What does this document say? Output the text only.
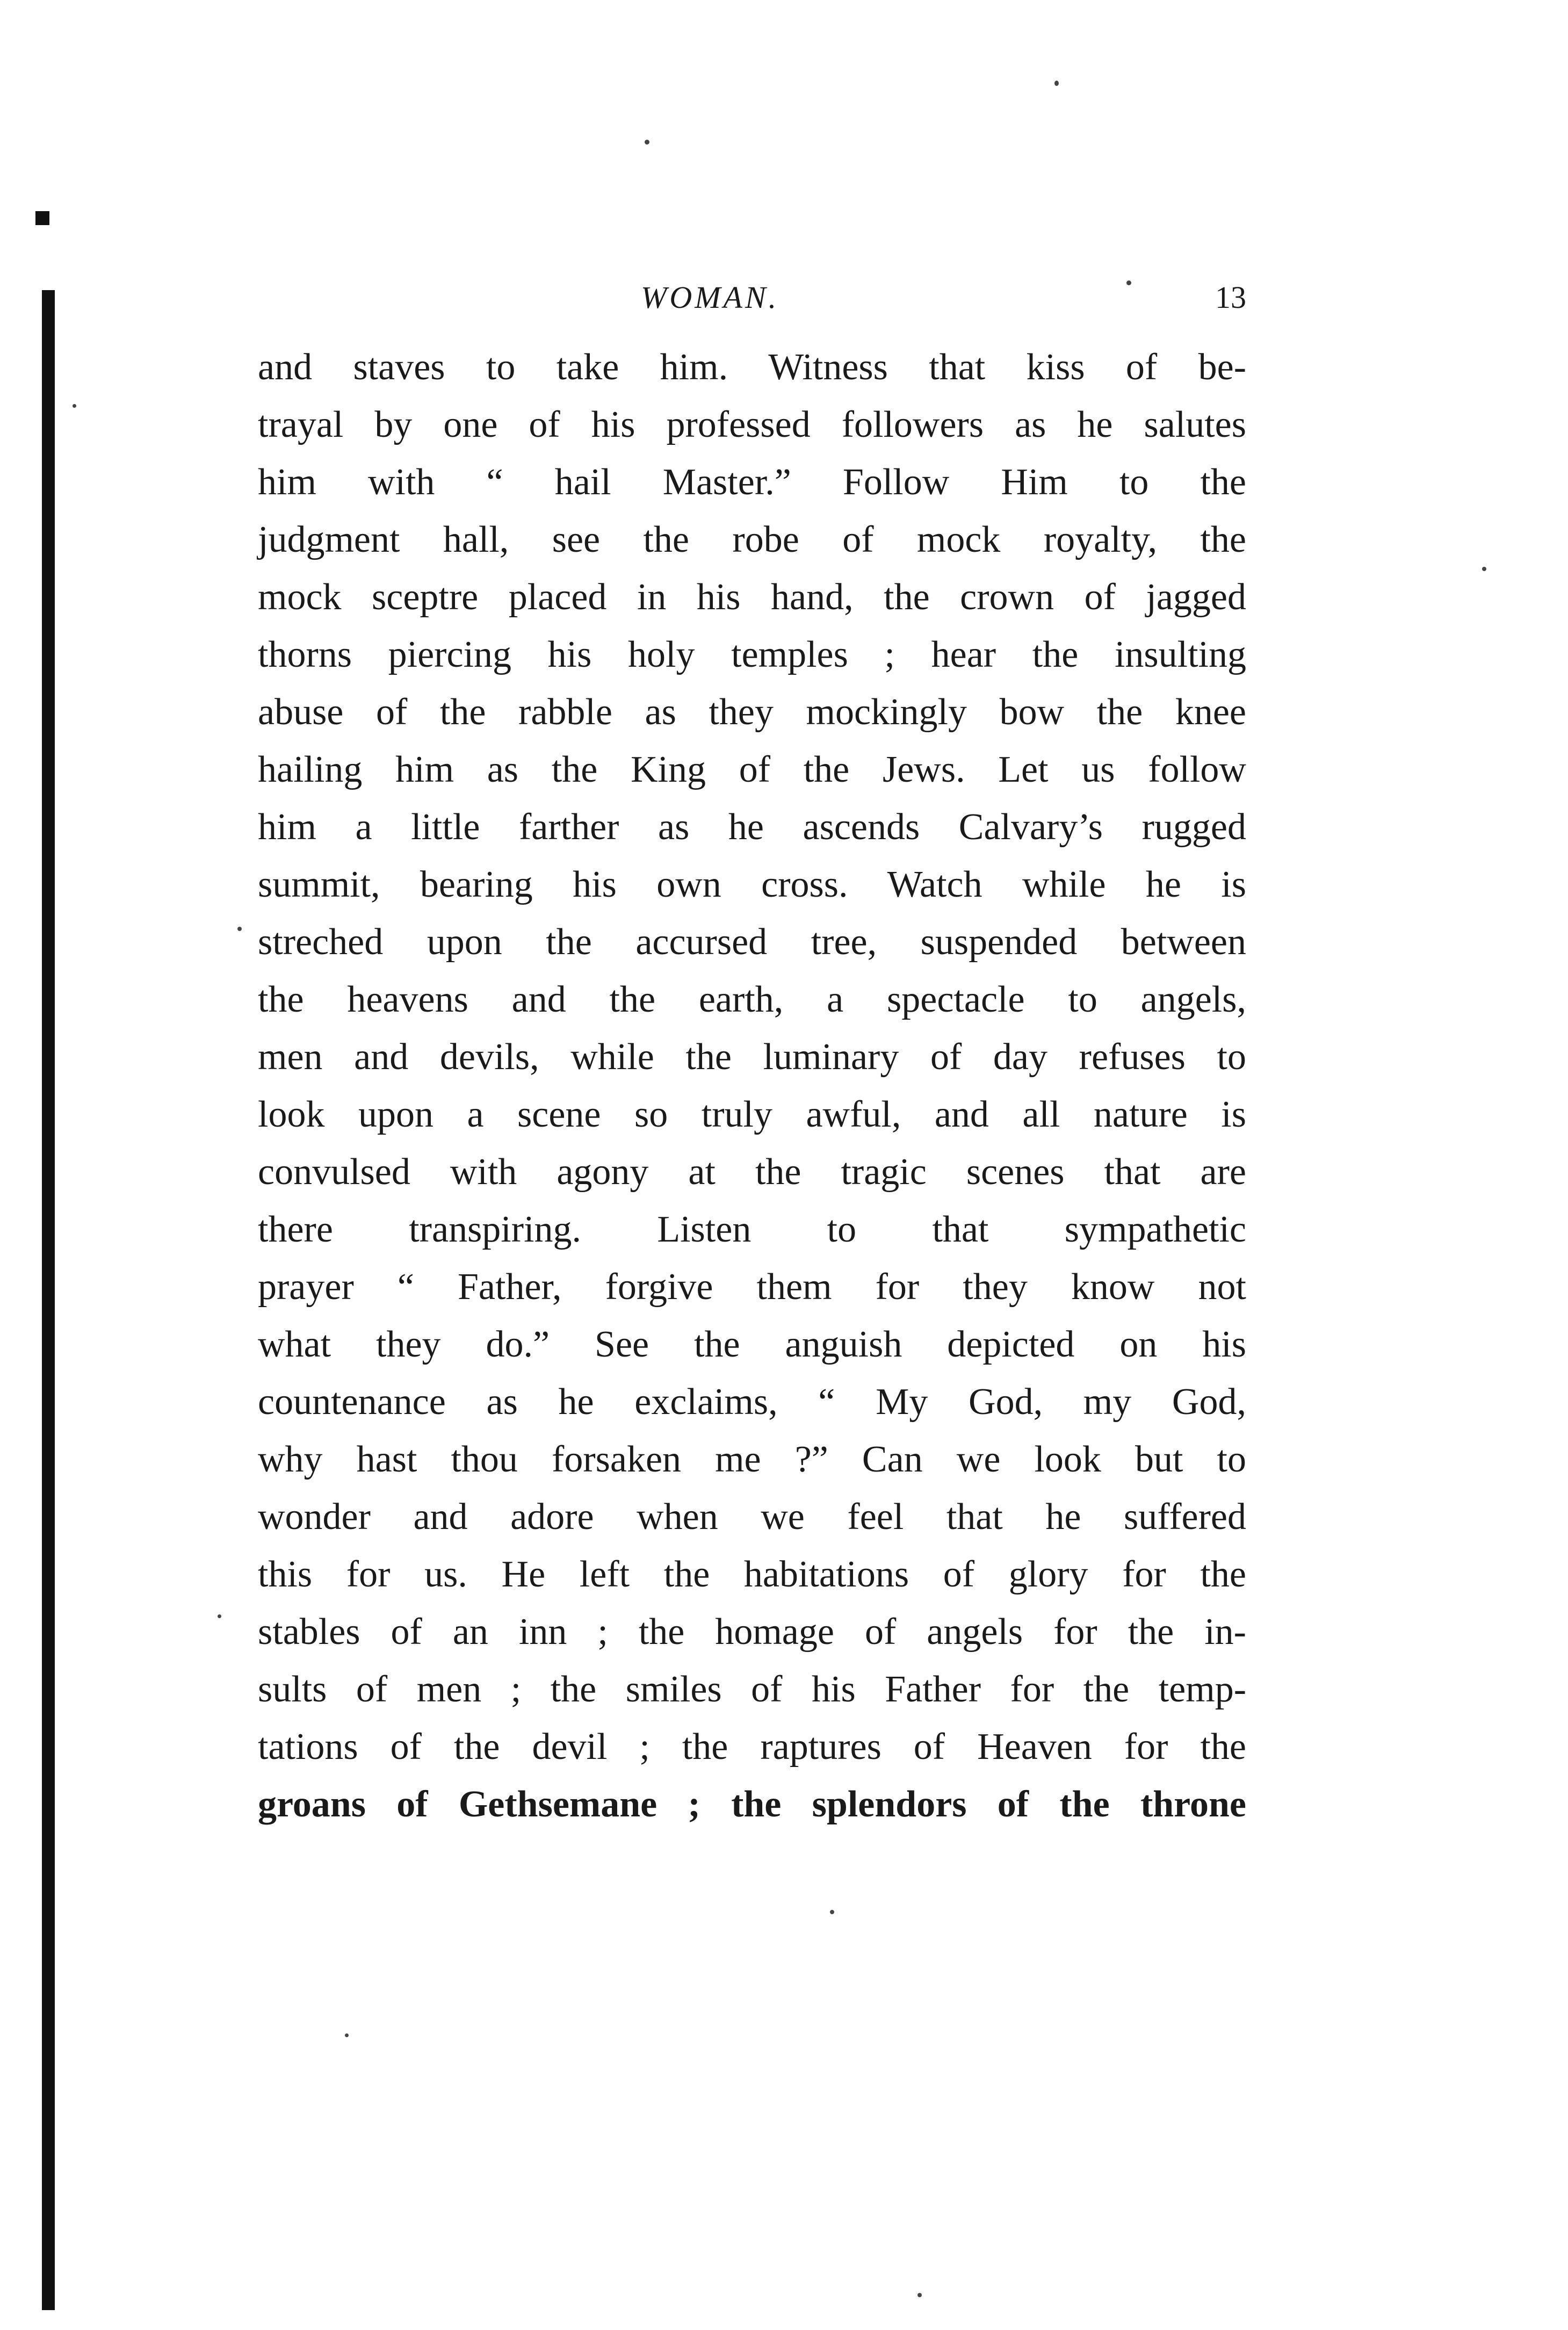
WOMAN.	13
and staves to take him. Witness that kiss of be-
trayal by one of his professed followers as he salutes
him with “ hail Master.” Follow Him to the
judgment hall, see the robe of mock royalty, the
mock sceptre placed in his hand, the crown of jagged
thorns piercing his holy temples ; hear the insulting
abuse of the rabble as they mockingly bow the knee
hailing him as the King of the Jews. Let us follow
him a little farther as he ascends Calvary’s rugged
summit, bearing his own cross. Watch while he is
streched upon the accursed tree, suspended between
the heavens and the earth, a spectacle to angels,
men and devils, while the luminary of day refuses to
look upon a scene so truly awful, and all nature is
convulsed with agony at the tragic scenes that are
there transpiring. Listen to that sympathetic
prayer “ Father, forgive them for they know not
what they do.” See the anguish depicted on his
countenance as he exclaims, “ My God, my God,
why hast thou forsaken me ?” Can we look but to
wonder and adore when we feel that he suffered
this for us. He left the habitations of glory for the
stables of an inn ; the homage of angels for the in-
sults of men ; the smiles of his Father for the temp-
tations of the devil ; the raptures of Heaven for the
groans of Gethsemane ; the splendors of the throne
